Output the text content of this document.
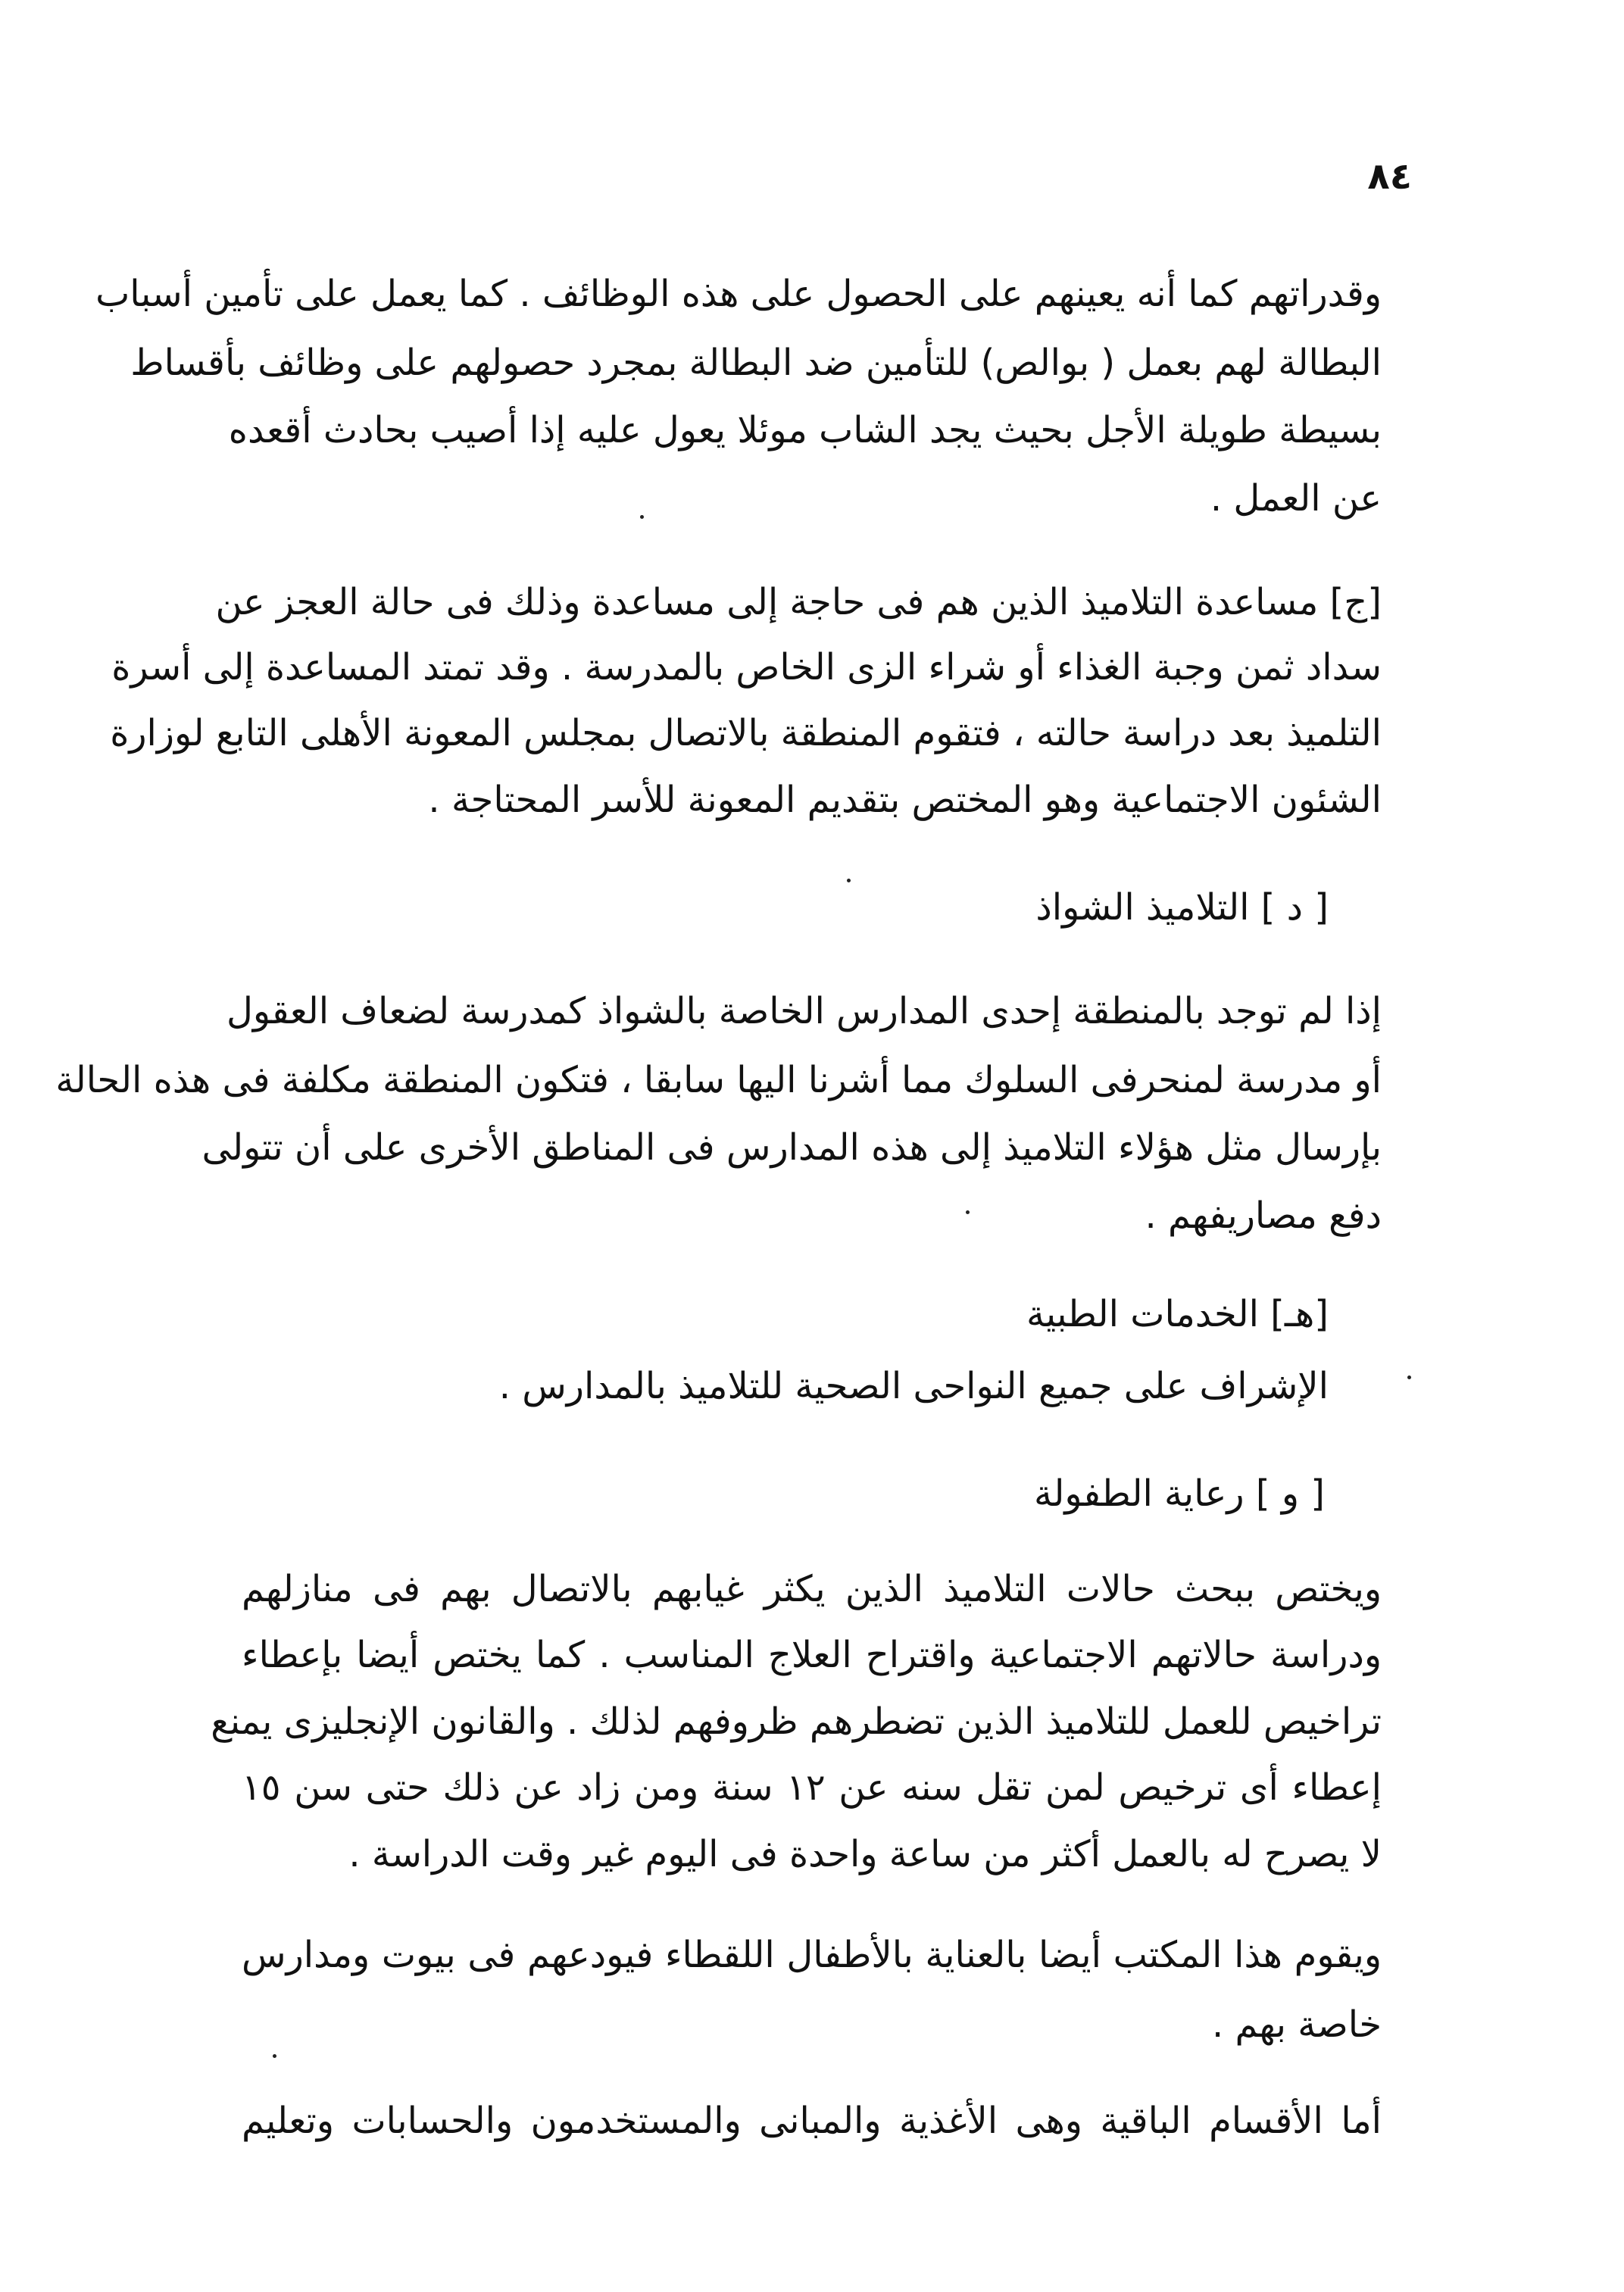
٨٤
وقدراتهم كما أنه يعينهم على الحصول على هذه الوظائف . كما يعمل على تأمين أسباب
البطالة لهم بعمل ( بوالص) للتأمين ضد البطالة بمجرد حصولهم على وظائف بأقساط
بسيطة طويلة الأجل بحيث يجد الشاب موئلا يعول عليه إذا أصيب بحادث أقعده
عن العمل .
[ج] مساعدة التلاميذ الذين هم فى حاجة إلى مساعدة وذلك فى حالة العجز عن
سداد ثمن وجبة الغذاء أو شراء الزى الخاص بالمدرسة . وقد تمتد المساعدة إلى أسرة
التلميذ بعد دراسة حالته ، فتقوم المنطقة بالاتصال بمجلس المعونة الأهلى التابع لوزارة
الشئون الاجتماعية وهو المختص بتقديم المعونة للأسر المحتاجة .
[ د ] التلاميذ الشواذ
إذا لم توجد بالمنطقة إحدى المدارس الخاصة بالشواذ كمدرسة لضعاف العقول
أو مدرسة لمنحرفى السلوك مما أشرنا اليها سابقا ، فتكون المنطقة مكلفة فى هذه الحالة
بإرسال مثل هؤلاء التلاميذ إلى هذه المدارس فى المناطق الأخرى على أن تتولى
دفع مصاريفهم .
[هـ] الخدمات الطبية
الإشراف على جميع النواحى الصحية للتلاميذ بالمدارس .
[ و ] رعاية الطفولة
ويختص ببحث حالات التلاميذ الذين يكثر غيابهم بالاتصال بهم فى منازلهم
ودراسة حالاتهم الاجتماعية واقتراح العلاج المناسب . كما يختص أيضا بإعطاء
تراخيص للعمل للتلاميذ الذين تضطرهم ظروفهم لذلك . والقانون الإنجليزى يمنع
إعطاء أى ترخيص لمن تقل سنه عن ١٢ سنة ومن زاد عن ذلك حتى سن ١٥
لا يصرح له بالعمل أكثر من ساعة واحدة فى اليوم غير وقت الدراسة .
ويقوم هذا المكتب أيضا بالعناية بالأطفال اللقطاء فيودعهم فى بيوت ومدارس
خاصة بهم .
أما الأقسام الباقية وهى الأغذية والمبانى والمستخدمون والحسابات وتعليم
